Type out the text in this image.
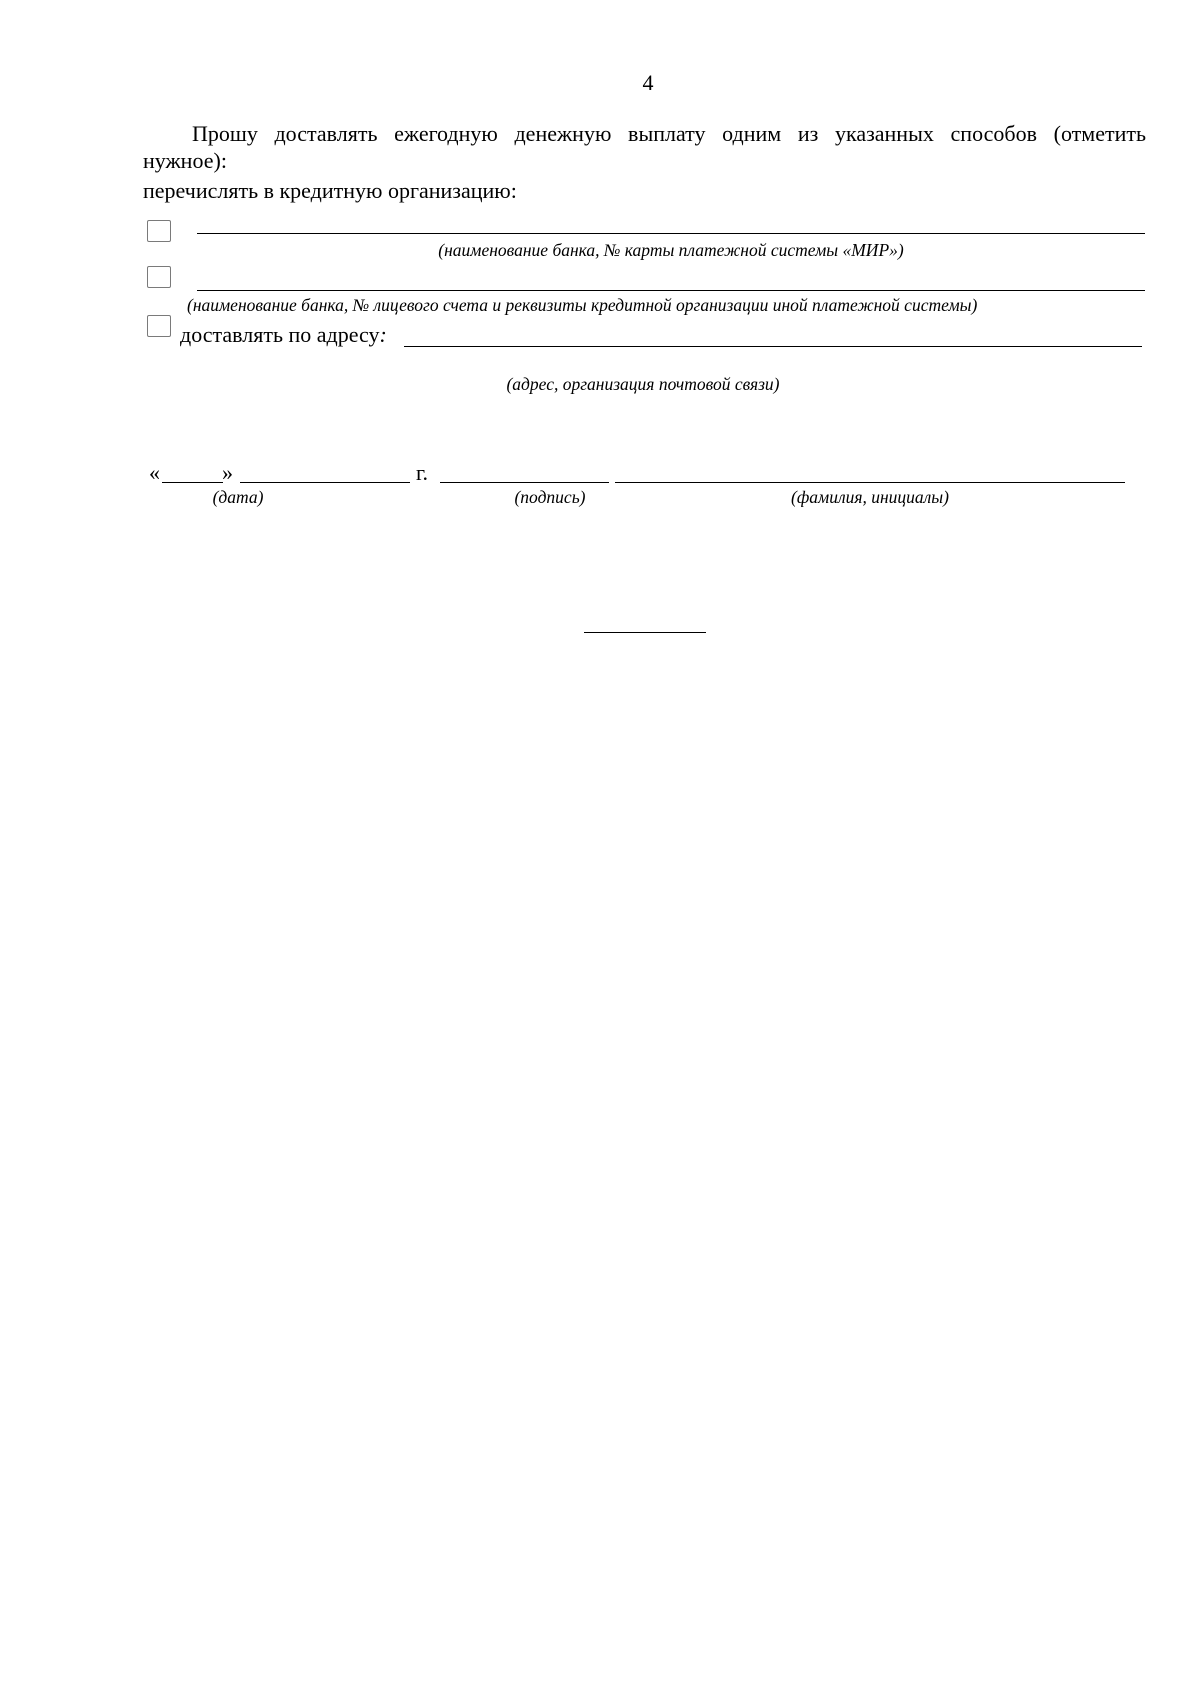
4
Прошу доставлять ежегодную денежную выплату одним из указанных способов (отметить
нужное):
перечислять в кредитную организацию:
(наименование банка, № карты платежной системы «МИР»)
(наименование банка, № лицевого счета и реквизиты кредитной организации иной платежной системы)
доставлять по адресу:
(адрес, организация почтовой связи)
«	»	г.
(дата)	(подпись)	(фамилия, инициалы)
